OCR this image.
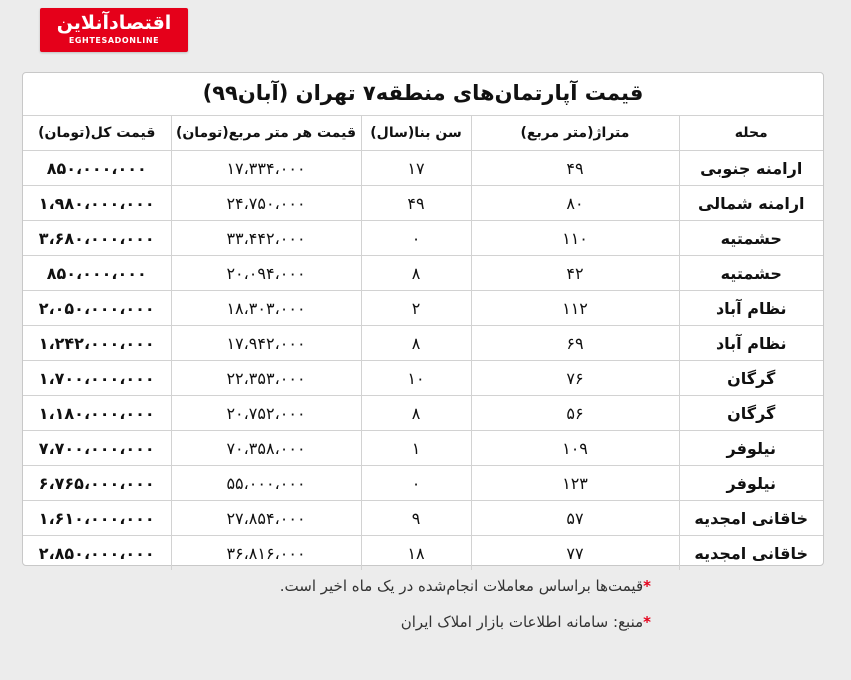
اقتصادآنلاین
EGHTESADONLINE
قیمت آپارتمان‌های منطقه۷ تهران (آبان۹۹)
محله	متراژ(متر مربع)	سن بنا(سال)	قیمت هر متر مربع(تومان)	قیمت کل(تومان)
ارامنه جنوبی	۴۹	۱۷	۱۷،۳۳۴،۰۰۰	۸۵۰،۰۰۰،۰۰۰
ارامنه شمالی	۸۰	۴۹	۲۴،۷۵۰،۰۰۰	۱،۹۸۰،۰۰۰،۰۰۰
حشمتیه	۱۱۰	۰	۳۳،۴۴۲،۰۰۰	۳،۶۸۰،۰۰۰،۰۰۰
حشمتیه	۴۲	۸	۲۰،۰۹۴،۰۰۰	۸۵۰،۰۰۰،۰۰۰
نظام آباد	۱۱۲	۲	۱۸،۳۰۳،۰۰۰	۲،۰۵۰،۰۰۰،۰۰۰
نظام آباد	۶۹	۸	۱۷،۹۴۲،۰۰۰	۱،۲۴۲،۰۰۰،۰۰۰
گرگان	۷۶	۱۰	۲۲،۳۵۳،۰۰۰	۱،۷۰۰،۰۰۰،۰۰۰
گرگان	۵۶	۸	۲۰،۷۵۲،۰۰۰	۱،۱۸۰،۰۰۰،۰۰۰
نیلوفر	۱۰۹	۱	۷۰،۳۵۸،۰۰۰	۷،۷۰۰،۰۰۰،۰۰۰
نیلوفر	۱۲۳	۰	۵۵،۰۰۰،۰۰۰	۶،۷۶۵،۰۰۰،۰۰۰
خاقانی امجدیه	۵۷	۹	۲۷،۸۵۴،۰۰۰	۱،۶۱۰،۰۰۰،۰۰۰
خاقانی امجدیه	۷۷	۱۸	۳۶،۸۱۶،۰۰۰	۲،۸۵۰،۰۰۰،۰۰۰
*قیمت‌ها براساس معاملات انجام‌شده در یک ماه اخیر است.
*منبع: سامانه اطلاعات بازار املاک ایران
